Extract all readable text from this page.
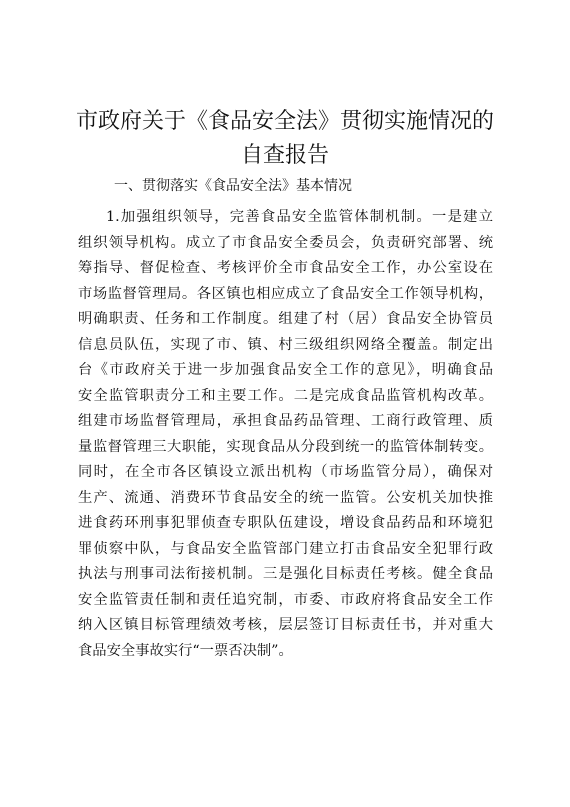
市政府关于《食品安全法》贯彻实施情况的
自查报告
一、贯彻落实《食品安全法》基本情况
1.加强组织领导，完善食品安全监管体制机制。一是建立
组织领导机构。成立了市食品安全委员会，负责研究部署、统
筹指导、督促检查、考核评价全市食品安全工作，办公室设在
市场监督管理局。各区镇也相应成立了食品安全工作领导机构，
明确职责、任务和工作制度。组建了村（居）食品安全协管员
信息员队伍，实现了市、镇、村三级组织网络全覆盖。制定出
台《市政府关于进一步加强食品安全工作的意见》，明确食品
安全监管职责分工和主要工作。二是完成食品监管机构改革。
组建市场监督管理局，承担食品药品管理、工商行政管理、质
量监督管理三大职能，实现食品从分段到统一的监管体制转变。
同时，在全市各区镇设立派出机构（市场监管分局），确保对
生产、流通、消费环节食品安全的统一监管。公安机关加快推
进食药环刑事犯罪侦查专职队伍建设，增设食品药品和环境犯
罪侦察中队，与食品安全监管部门建立打击食品安全犯罪行政
执法与刑事司法衔接机制。三是强化目标责任考核。健全食品
安全监管责任制和责任追究制，市委、市政府将食品安全工作
纳入区镇目标管理绩效考核，层层签订目标责任书，并对重大
食品安全事故实行“一票否决制”。
